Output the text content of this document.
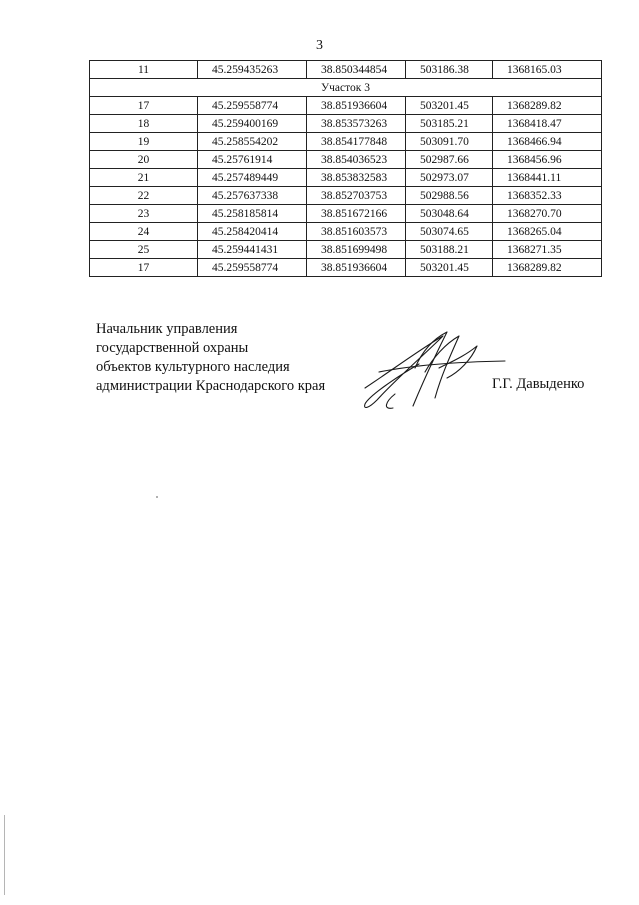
3
11	45.259435263	38.850344854	503186.38	1368165.03
Участок 3				
17	45.259558774	38.851936604	503201.45	1368289.82
18	45.259400169	38.853573263	503185.21	1368418.47
19	45.258554202	38.854177848	503091.70	1368466.94
20	45.25761914	38.854036523	502987.66	1368456.96
21	45.257489449	38.853832583	502973.07	1368441.11
22	45.257637338	38.852703753	502988.56	1368352.33
23	45.258185814	38.851672166	503048.64	1368270.70
24	45.258420414	38.851603573	503074.65	1368265.04
25	45.259441431	38.851699498	503188.21	1368271.35
17	45.259558774	38.851936604	503201.45	1368289.82
Начальник управления
государственной охраны
объектов культурного наследия
администрации Краснодарского края	Г.Г. Давыденко
